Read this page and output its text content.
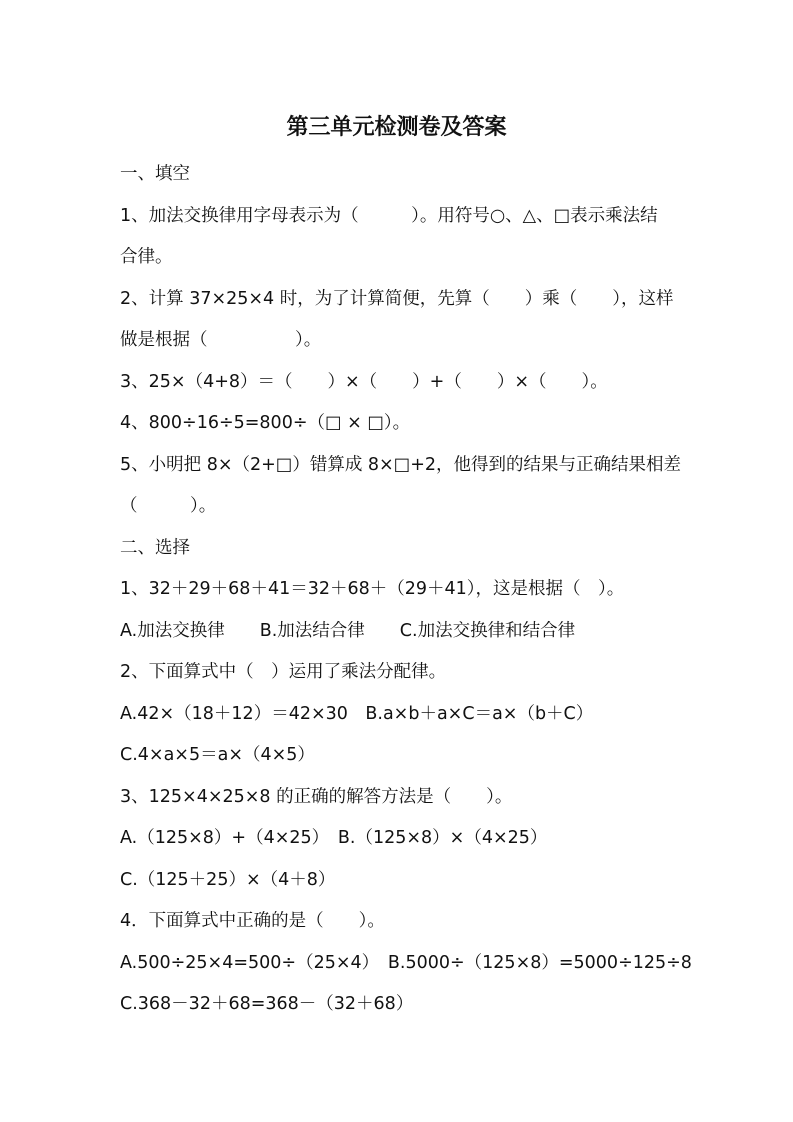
第三单元检测卷及答案
一、填空
1、加法交换律用字母表示为（　　　）。用符号○、△、□表示乘法结
合律。
2、计算 37×25×4 时，为了计算简便，先算（　　）乘（　　），这样
做是根据（　　　　　）。
3、25×（4+8）＝（　　）×（　　）+（　　）×（　　）。
4、800÷16÷5=800÷（□ × □）。
5、小明把 8×（2+□）错算成 8×□+2，他得到的结果与正确结果相差
（　　　）。
二、选择
1、32＋29＋68＋41＝32＋68＋（29＋41），这是根据（　）。
A.加法交换律　　B.加法结合律　　C.加法交换律和结合律
2、下面算式中（　）运用了乘法分配律。
A.42×（18＋12）＝42×30　B.a×b＋a×C＝a×（b＋C）
C.4×a×5＝a×（4×5）
3、125×4×25×8 的正确的解答方法是（　　）。
A.（125×8）+（4×25）　B.（125×8）×（4×25）
C.（125＋25）×（4＋8）
4．下面算式中正确的是（　　）。
A.500÷25×4=500÷（25×4）　B.5000÷（125×8）=5000÷125÷8
C.368－32＋68=368－（32＋68）
